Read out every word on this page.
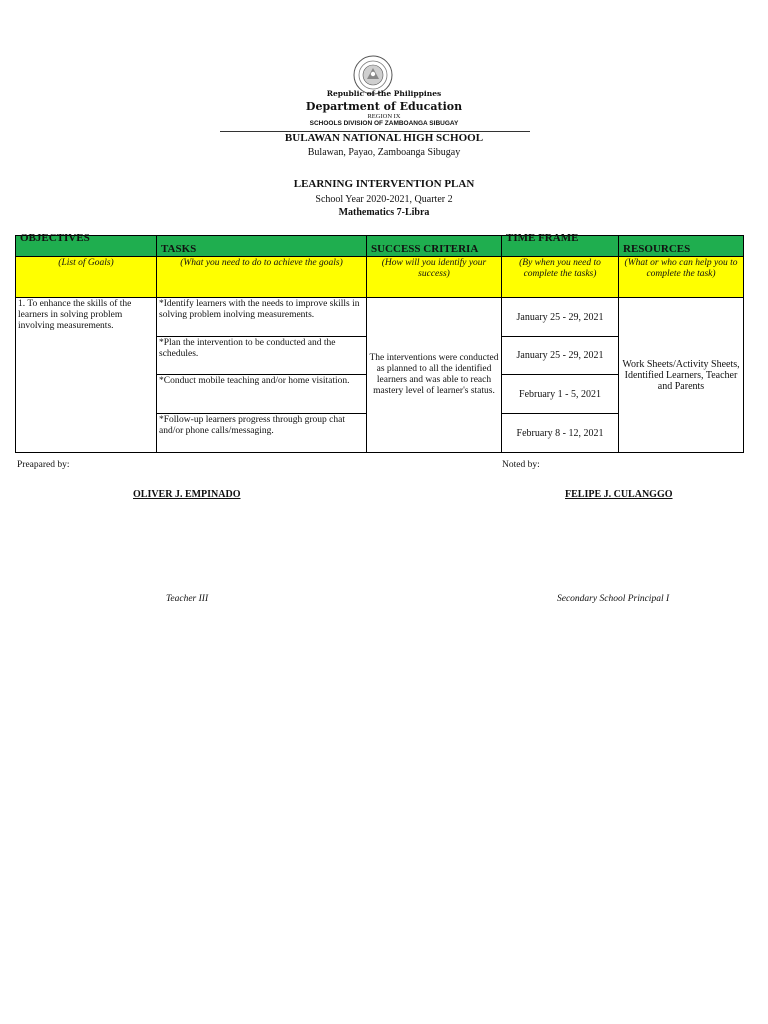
Republic of the Philippines
Department of Education
REGION IX
SCHOOLS DIVISION OF ZAMBOANGA SIBUGAY
BULAWAN NATIONAL HIGH SCHOOL
Bulawan, Payao, Zamboanga Sibugay
LEARNING INTERVENTION PLAN
School Year 2020-2021, Quarter 2
Mathematics 7-Libra
OBJECTIVES	TASKS	SUCCESS CRITERIA	TIME FRAME	RESOURCES

(List of Goals)	(What you need to do to achieve the goals)	(How will you identify your success)	(By when you need to complete the tasks)	(What or who can help you to complete the task)
1. To enhance the skills of the learners in solving problem involving measurements.	*Identify learners with the needs to improve skills in solving problem inolving measurements.	The interventions were conducted as planned to all the identified learners and was able to reach mastery level of learner's status.	January 25 - 29, 2021	Work Sheets/Activity Sheets, Identified Learners, Teacher and Parents
	*Plan the intervention to be conducted and the schedules.		January 25 - 29, 2021	
	*Conduct mobile teaching and/or home visitation.		February 1 - 5, 2021	
	*Follow-up learners progress through group chat and/or phone calls/messaging.		February 8 - 12, 2021	
Preapared by:	Noted by:
OLIVER J. EMPINADO	FELIPE J. CULANGGO
Teacher III	Secondary School Principal I
